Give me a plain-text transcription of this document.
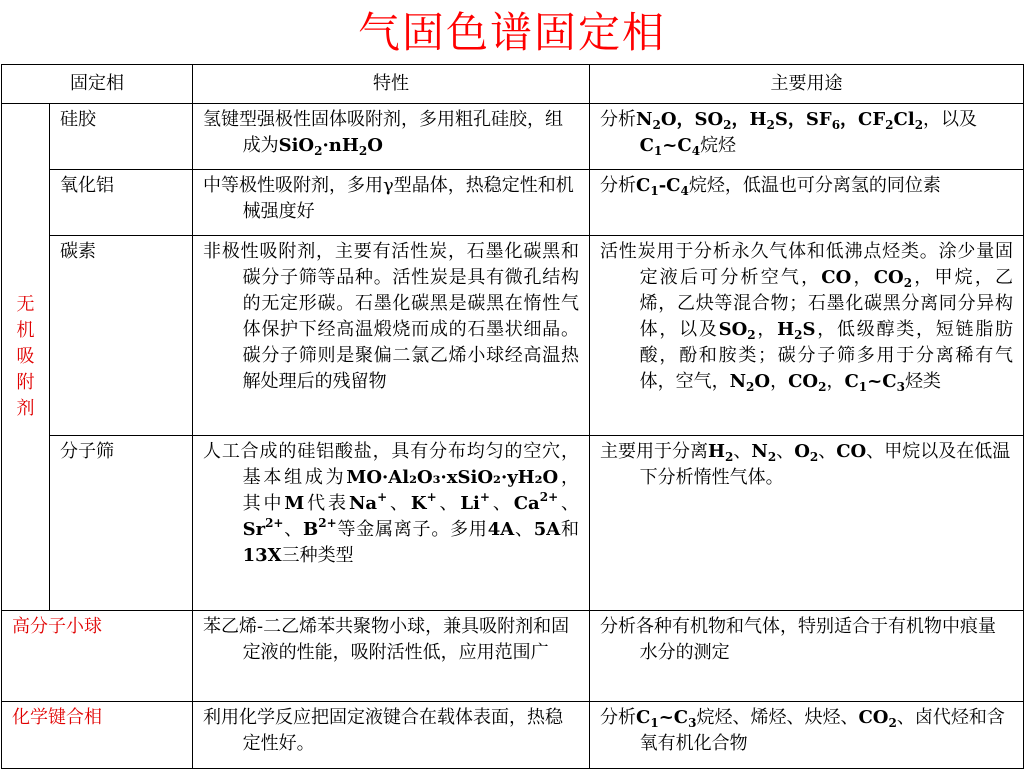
气固色谱固定相
固定相		特性	主要用途

无
机
吸
附
剂	硅胶	氢键型强极性固体吸附剂，多用粗孔硅胶，组成为$SiO_2\cdot nH_2O$	分析$N_2O$，$SO_2$，$H_2S$，$SF_6$，$CF_2Cl_2$，以及$C_1\sim C_4$烷烃
	氧化铝	中等极性吸附剂，多用γ型晶体，热稳定性和机械强度好	分析$C_1-C_4$烷烃，低温也可分离氢的同位素
	碳素	非极性吸附剂，主要有活性炭，石墨化碳黑和碳分子筛等品种。活性炭是具有微孔结构的无定形碳。石墨化碳黑是碳黑在惰性气体保护下经高温煅烧而成的石墨状细晶。碳分子筛则是聚偏二氯乙烯小球经高温热解处理后的残留物	活性炭用于分析永久气体和低沸点烃类。涂少量固定液后可分析空气，CO，$CO_2$，甲烷，乙烯，乙炔等混合物；石墨化碳黑分离同分异构体，以及$SO_2$，$H_2S$，低级醇类，短链脂肪酸，酚和胺类；碳分子筛多用于分离稀有气体，空气，$N_2O$，$CO_2$，$C_1\sim C_3$烃类
	分子筛	人工合成的硅铝酸盐，具有分布均匀的空穴，基本组成为MO·Al₂O₃·xSiO₂·yH₂O，其中M代表Na+、K+、Li+、$Ca^{2+}$、$Sr^{2+}$、$B^{2+}$等金属离子。多用4A、5A和13X三种类型	主要用于分离$H_2$、$N_2$、$O_2$、CO、甲烷以及在低温下分析惰性气体。
高分子小球		苯乙烯-二乙烯苯共聚物小球，兼具吸附剂和固定液的性能，吸附活性低，应用范围广	分析各种有机物和气体，特别适合于有机物中痕量水分的测定
化学键合相		利用化学反应把固定液键合在载体表面，热稳定性好。	分析$C_1\sim C_3$烷烃、烯烃、炔烃、$CO_2$、卤代烃和含氧有机化合物
